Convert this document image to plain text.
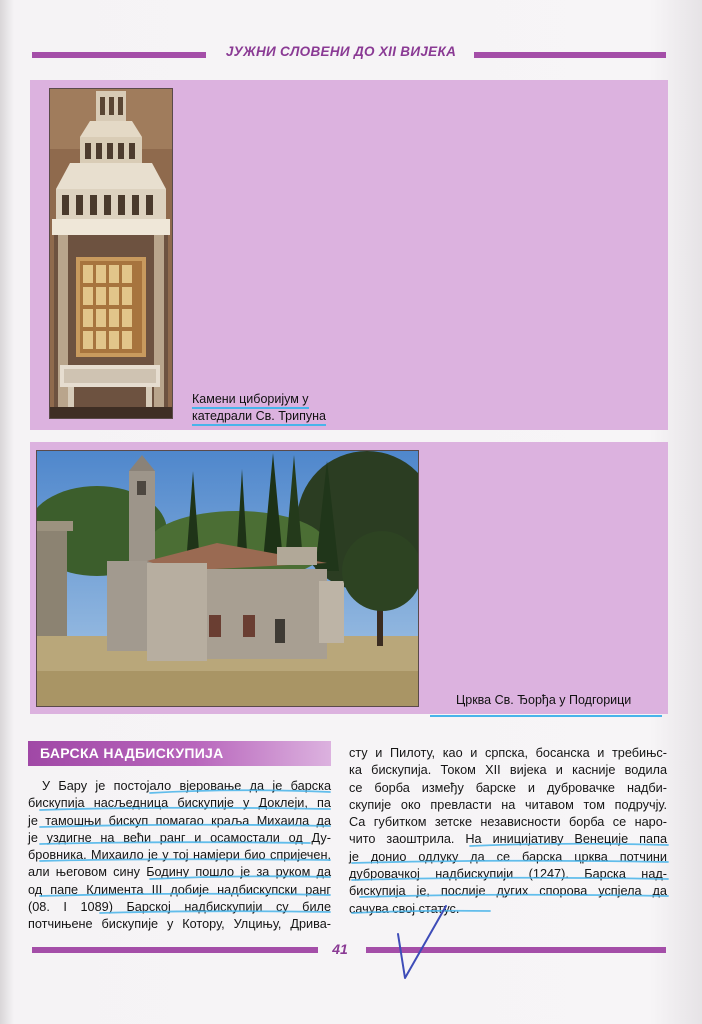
ЈУЖНИ СЛОВЕНИ ДО XII ВИЈЕКА
Камени циборијум у
катедрали Св. Трипуна
Црква Св. Ђорђа у Подгорици
БАРСКА НАДБИСКУПИЈА
У Бару је постојало вјеровање да је барска
бискупија насљедница бискупије у Доклеји, па
је тамошњи бискуп помагао краља Михаила да
је уздигне на већи ранг и осамостали од Ду-
бровника. Михаило је у тој намјери био спријечен,
али његовом сину Бодину пошло је за руком да
од папе Климента III добије надбискупски ранг
(08. I 1089) Барској надбискупији су биле
потчињене бискупије у Котору, Улцињу, Дрива-
сту и Пилоту, као и српска, босанска и требињс-
ка бискупија. Током XII вијека и касније водила
се борба између барске и дубровачке надби-
скупије око превласти на читавом том подручју.
Са губитком зетске независности борба се наро-
чито заоштрила. На иницијативу Венеције папа
је донио одлуку да се барска црква потчини
дубровачкој надбискупији (1247). Барска над-
бискупија је, послије дугих спорова успјела да
сачува свој статус.
41
